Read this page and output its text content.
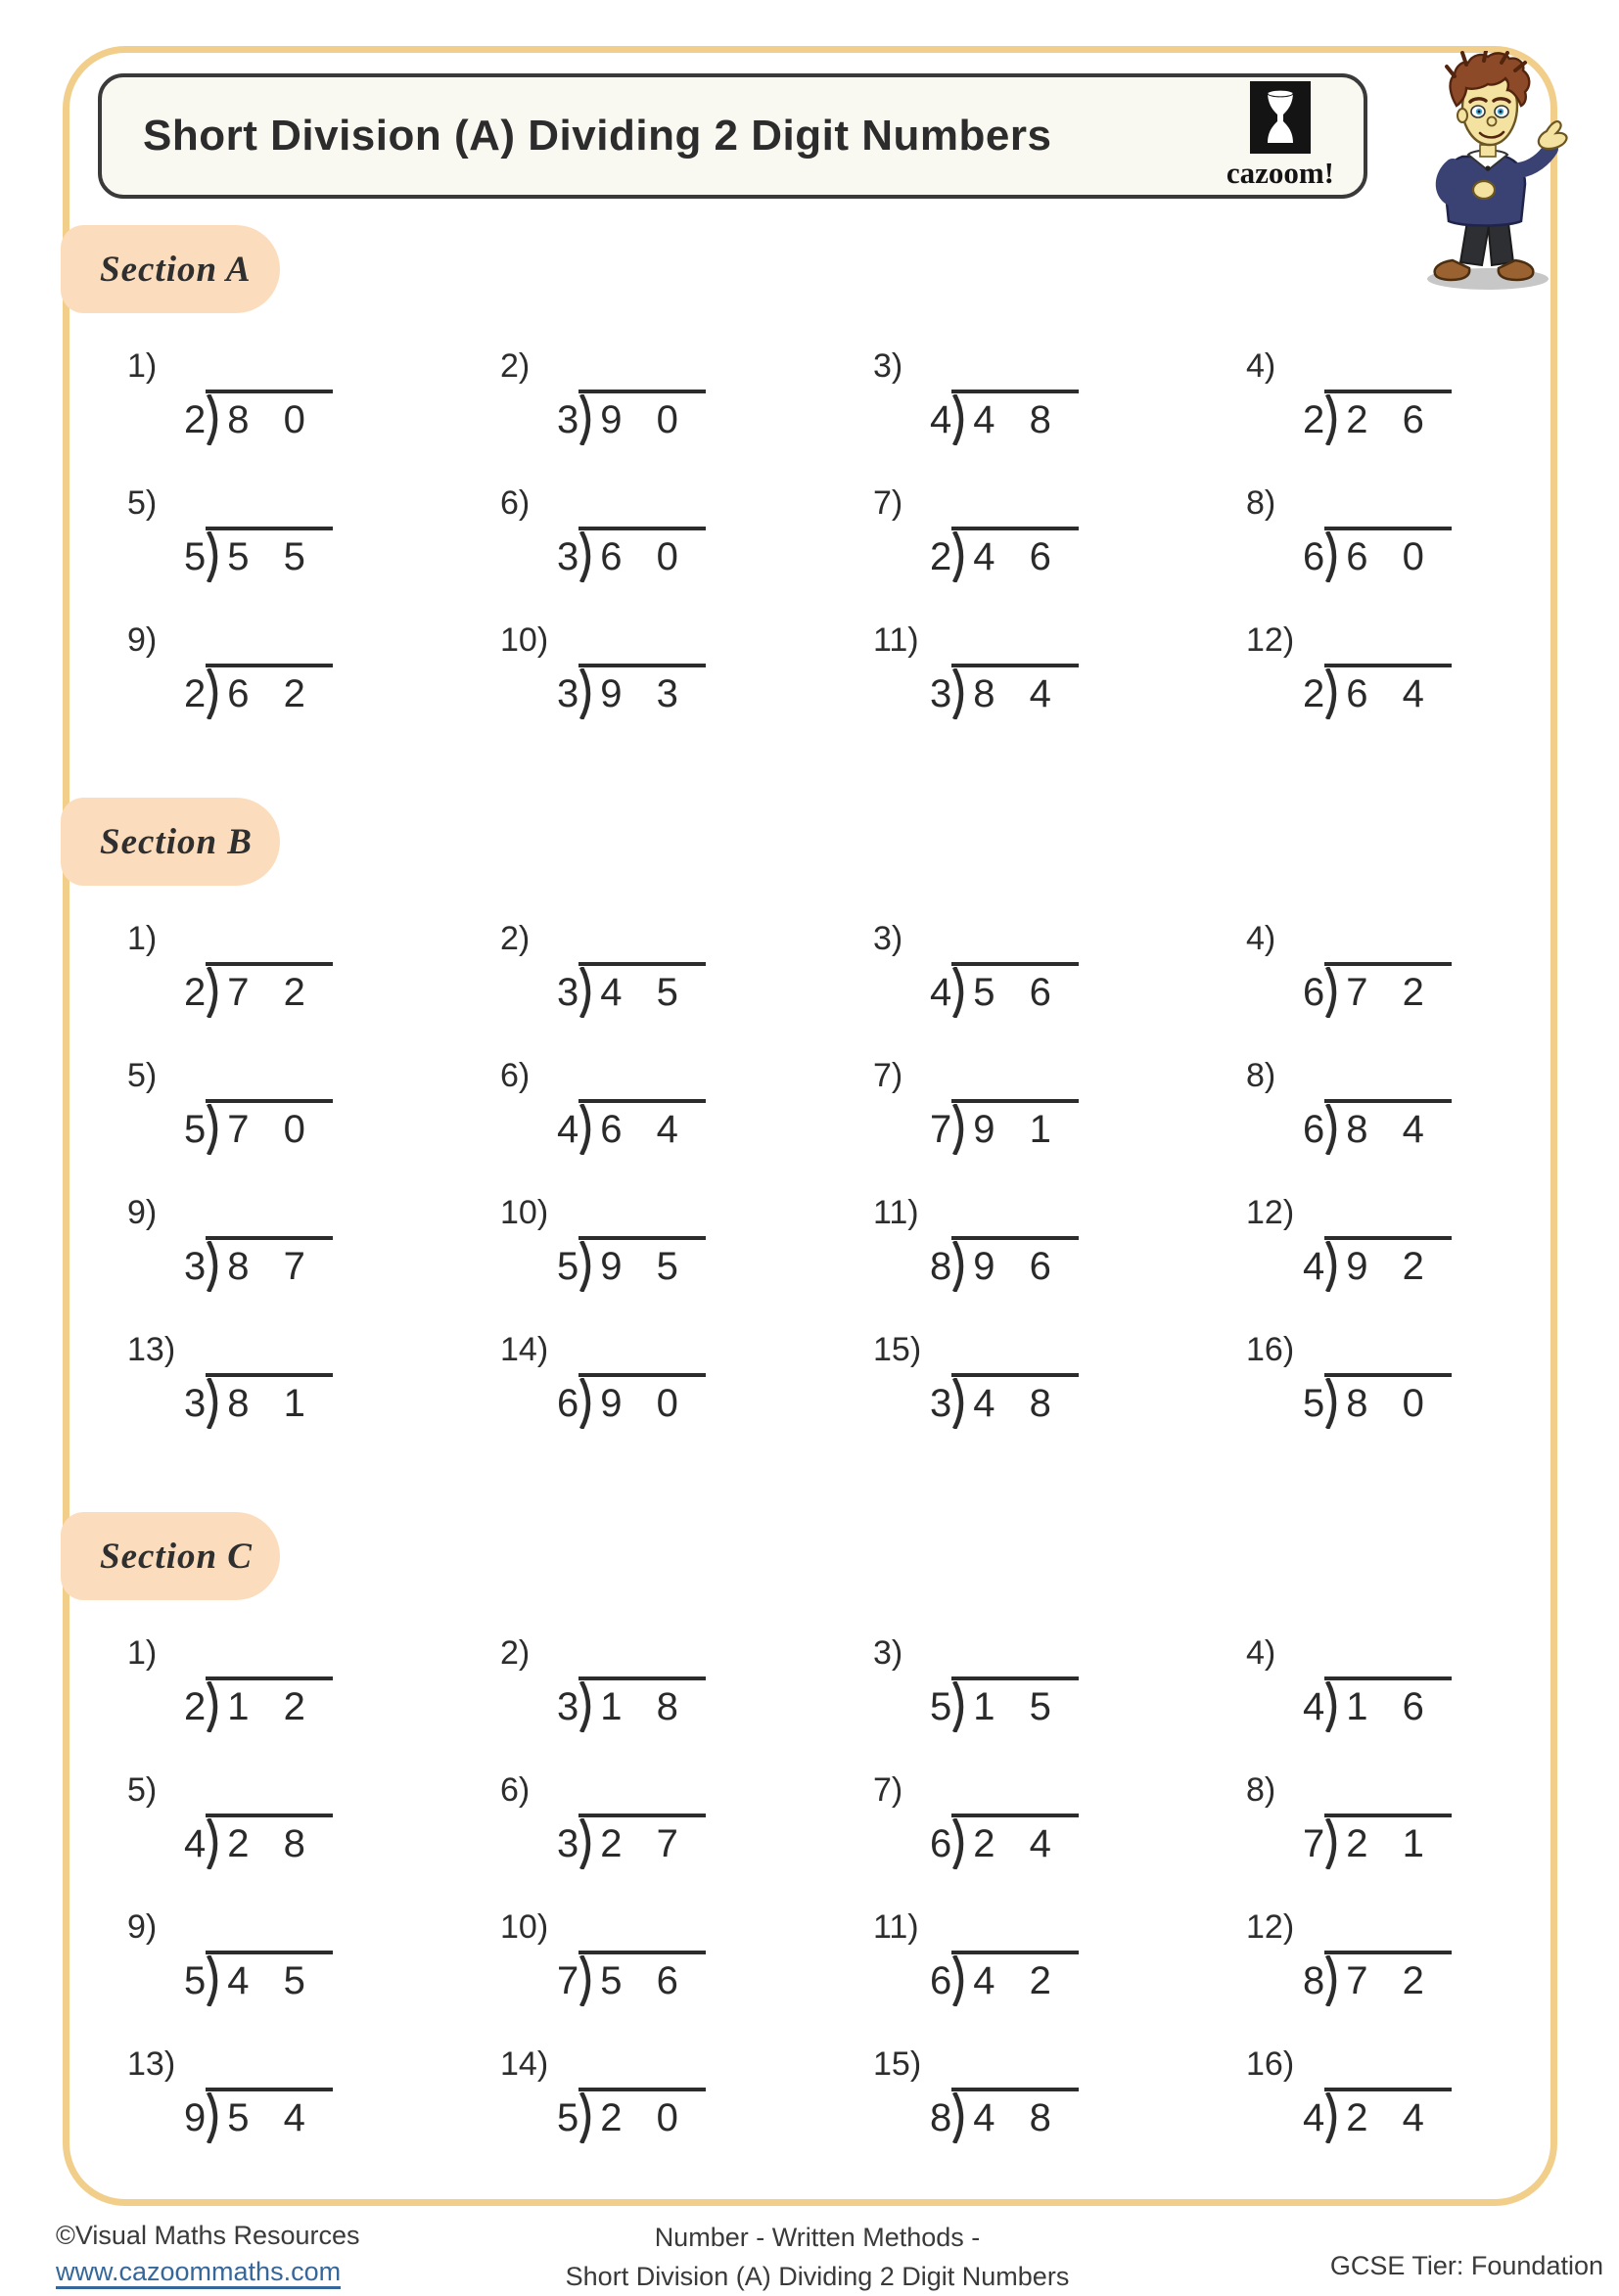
Short Division (A) Dividing 2 Digit Numbers
cazoom!
Section A
1)
2 8 0
2)
3 9 0
3)
4 4 8
4)
2 2 6
5)
5 5 5
6)
3 6 0
7)
2 4 6
8)
6 6 0
9)
2 6 2
10)
3 9 3
11)
3 8 4
12)
2 6 4
Section B
1)
2 7 2
2)
3 4 5
3)
4 5 6
4)
6 7 2
5)
5 7 0
6)
4 6 4
7)
7 9 1
8)
6 8 4
9)
3 8 7
10)
5 9 5
11)
8 9 6
12)
4 9 2
13)
3 8 1
14)
6 9 0
15)
3 4 8
16)
5 8 0
Section C
1)
2 1 2
2)
3 1 8
3)
5 1 5
4)
4 1 6
5)
4 2 8
6)
3 2 7
7)
6 2 4
8)
7 2 1
9)
5 4 5
10)
7 5 6
11)
6 4 2
12)
8 7 2
13)
9 5 4
14)
5 2 0
15)
8 4 8
16)
4 2 4
©Visual Maths Resources
www.cazoommaths.com
Number - Written Methods -
Short Division (A) Dividing 2 Digit Numbers	GCSE Tier: Foundation
